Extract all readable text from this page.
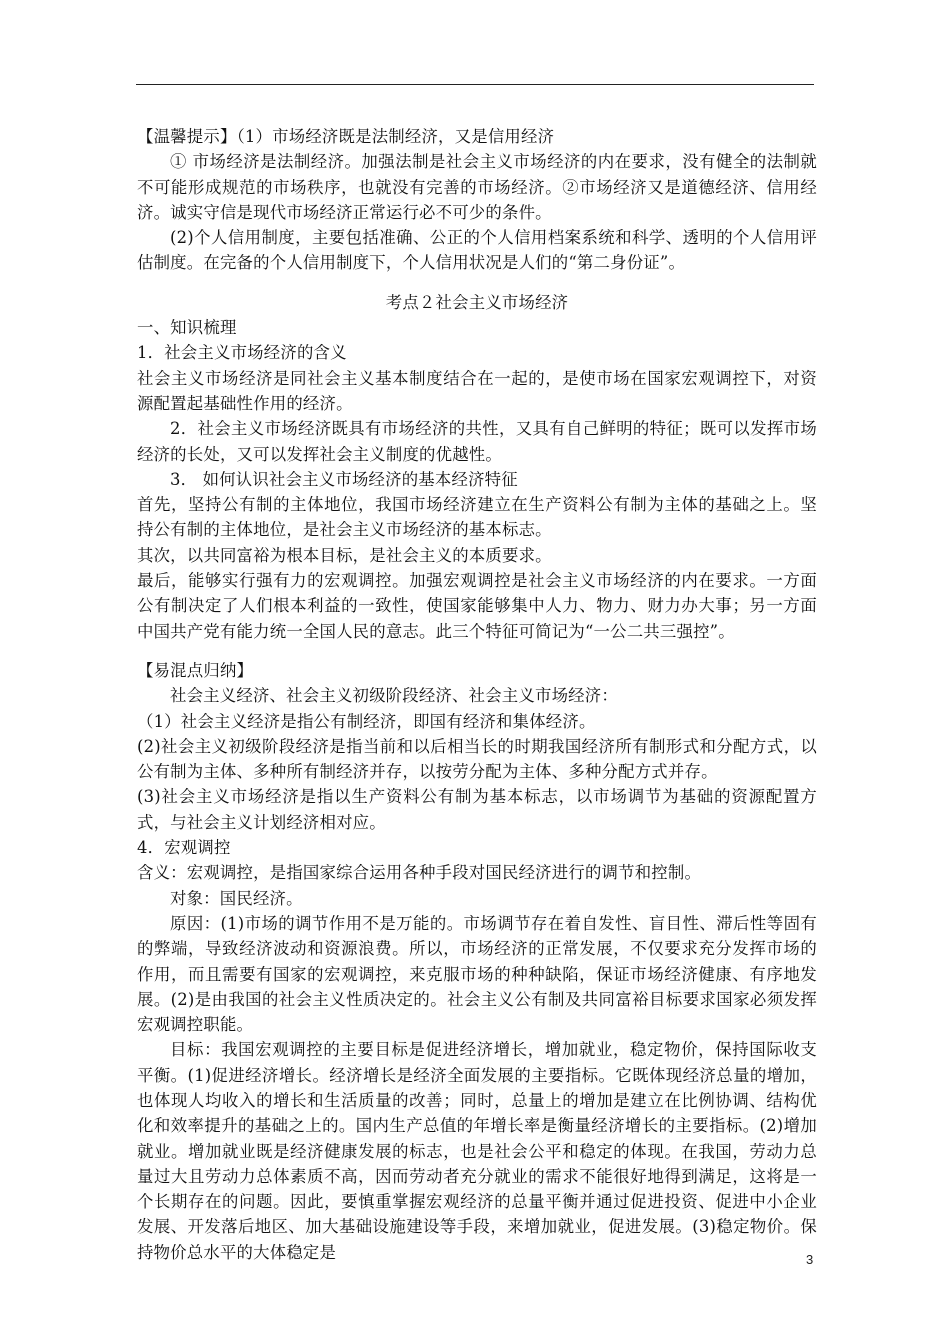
【温馨提示】（1）市场经济既是法制经济，又是信用经济

① 市场经济是法制经济。加强法制是社会主义市场经济的内在要求，没有健全的法制就不可能形成规范的市场秩序，也就没有完善的市场经济。②市场经济又是道德经济、信用经济。诚实守信是现代市场经济正常运行必不可少的条件。

(2)个人信用制度，主要包括准确、公正的个人信用档案系统和科学、透明的个人信用评估制度。在完备的个人信用制度下，个人信用状况是人们的“第二身份证”。

考点２社会主义市场经济

一、知识梳理

1．社会主义市场经济的含义

社会主义市场经济是同社会主义基本制度结合在一起的，是使市场在国家宏观调控下，对资源配置起基础性作用的经济。

2．社会主义市场经济既具有市场经济的共性，又具有自己鲜明的特征；既可以发挥市场经济的长处，又可以发挥社会主义制度的优越性。

3． 如何认识社会主义市场经济的基本经济特征

首先，坚持公有制的主体地位，我国市场经济建立在生产资料公有制为主体的基础之上。坚持公有制的主体地位，是社会主义市场经济的基本标志。

其次，以共同富裕为根本目标，是社会主义的本质要求。

最后，能够实行强有力的宏观调控。加强宏观调控是社会主义市场经济的内在要求。一方面公有制决定了人们根本利益的一致性，使国家能够集中人力、物力、财力办大事；另一方面中国共产党有能力统一全国人民的意志。此三个特征可简记为“一公二共三强控”。

【易混点归纳】

社会主义经济、社会主义初级阶段经济、社会主义市场经济：

（1）社会主义经济是指公有制经济，即国有经济和集体经济。

(2)社会主义初级阶段经济是指当前和以后相当长的时期我国经济所有制形式和分配方式，以公有制为主体、多种所有制经济并存，以按劳分配为主体、多种分配方式并存。

(3)社会主义市场经济是指以生产资料公有制为基本标志，以市场调节为基础的资源配置方式，与社会主义计划经济相对应。

4．宏观调控

含义：宏观调控，是指国家综合运用各种手段对国民经济进行的调节和控制。

对象：国民经济。

原因：(1)市场的调节作用不是万能的。市场调节存在着自发性、盲目性、滞后性等固有的弊端，导致经济波动和资源浪费。所以，市场经济的正常发展，不仅要求充分发挥市场的作用，而且需要有国家的宏观调控，来克服市场的种种缺陷，保证市场经济健康、有序地发展。(2)是由我国的社会主义性质决定的。社会主义公有制及共同富裕目标要求国家必须发挥宏观调控职能。

目标：我国宏观调控的主要目标是促进经济增长，增加就业，稳定物价，保持国际收支平衡。(1)促进经济增长。经济增长是经济全面发展的主要指标。它既体现经济总量的增加，也体现人均收入的增长和生活质量的改善；同时，总量上的增加是建立在比例协调、结构优化和效率提升的基础之上的。国内生产总值的年增长率是衡量经济增长的主要指标。(2)增加就业。增加就业既是经济健康发展的标志，也是社会公平和稳定的体现。在我国，劳动力总量过大且劳动力总体素质不高，因而劳动者充分就业的需求不能很好地得到满足，这将是一个长期存在的问题。因此，要慎重掌握宏观经济的总量平衡并通过促进投资、促进中小企业发展、开发落后地区、加大基础设施建设等手段，来增加就业，促进发展。(3)稳定物价。保持物价总水平的大体稳定是	3
